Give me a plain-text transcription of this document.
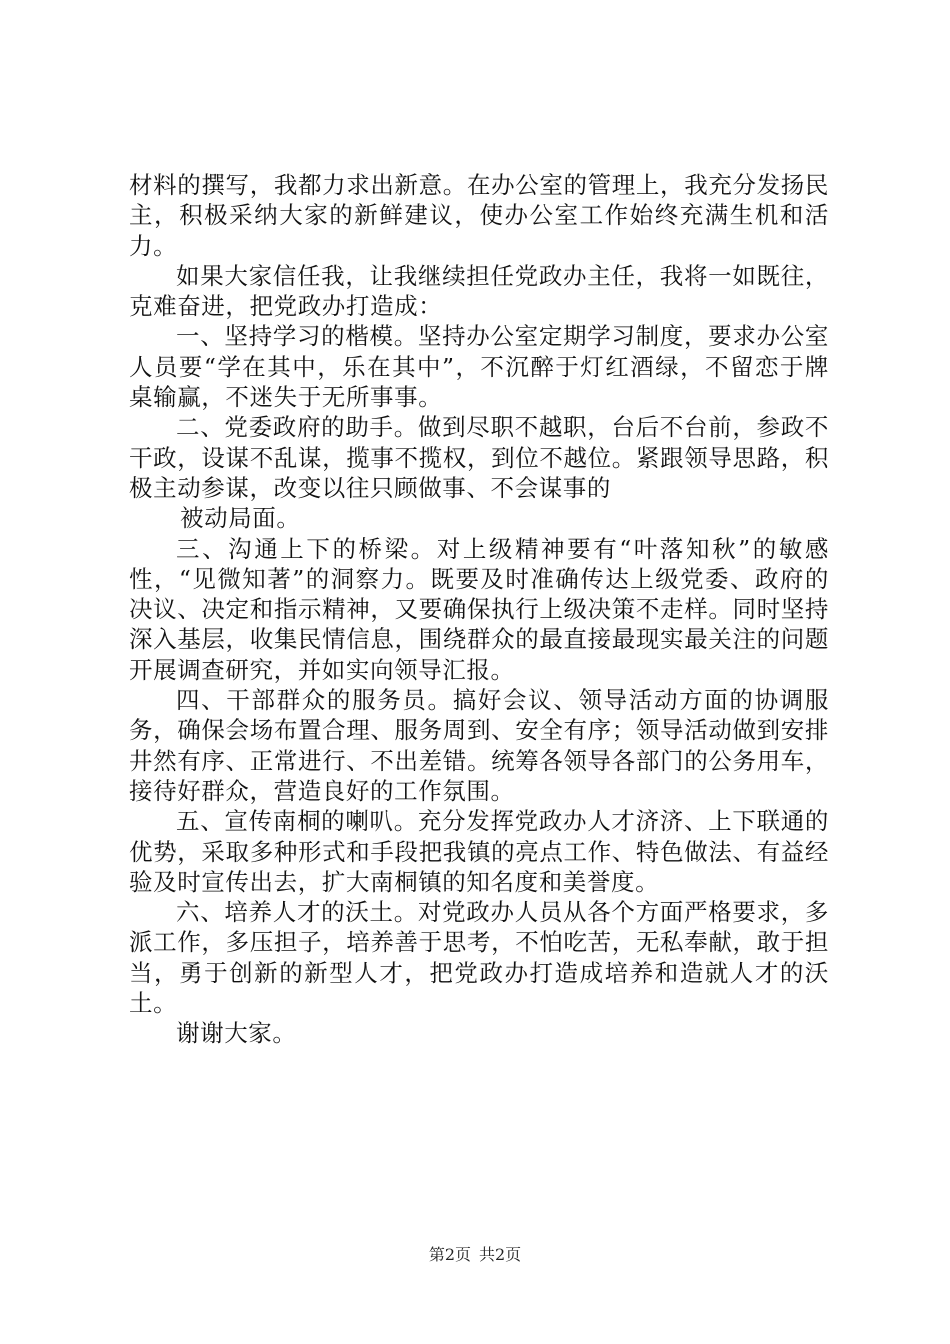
材料的撰写，我都力求出新意。在办公室的管理上，我充分发扬民主，积极采纳大家的新鲜建议，使办公室工作始终充满生机和活力。

如果大家信任我，让我继续担任党政办主任，我将一如既往，克难奋进，把党政办打造成：

一、坚持学习的楷模。坚持办公室定期学习制度，要求办公室人员要“学在其中，乐在其中”，不沉醉于灯红酒绿，不留恋于牌桌输赢，不迷失于无所事事。

二、党委政府的助手。做到尽职不越职，台后不台前，参政不干政，设谋不乱谋，揽事不揽权，到位不越位。紧跟领导思路，积极主动参谋，改变以往只顾做事、不会谋事的

被动局面。

三、沟通上下的桥梁。对上级精神要有“叶落知秋”的敏感性，“见微知著”的洞察力。既要及时准确传达上级党委、政府的决议、决定和指示精神，又要确保执行上级决策不走样。同时坚持深入基层，收集民情信息，围绕群众的最直接最现实最关注的问题开展调查研究，并如实向领导汇报。

四、干部群众的服务员。搞好会议、领导活动方面的协调服务，确保会场布置合理、服务周到、安全有序；领导活动做到安排井然有序、正常进行、不出差错。统筹各领导各部门的公务用车，接待好群众，营造良好的工作氛围。

五、宣传南桐的喇叭。充分发挥党政办人才济济、上下联通的优势，采取多种形式和手段把我镇的亮点工作、特色做法、有益经验及时宣传出去，扩大南桐镇的知名度和美誉度。

六、培养人才的沃土。对党政办人员从各个方面严格要求，多派工作，多压担子，培养善于思考，不怕吃苦，无私奉献，敢于担当，勇于创新的新型人才，把党政办打造成培养和造就人才的沃土。

谢谢大家。

第2页 共2页
